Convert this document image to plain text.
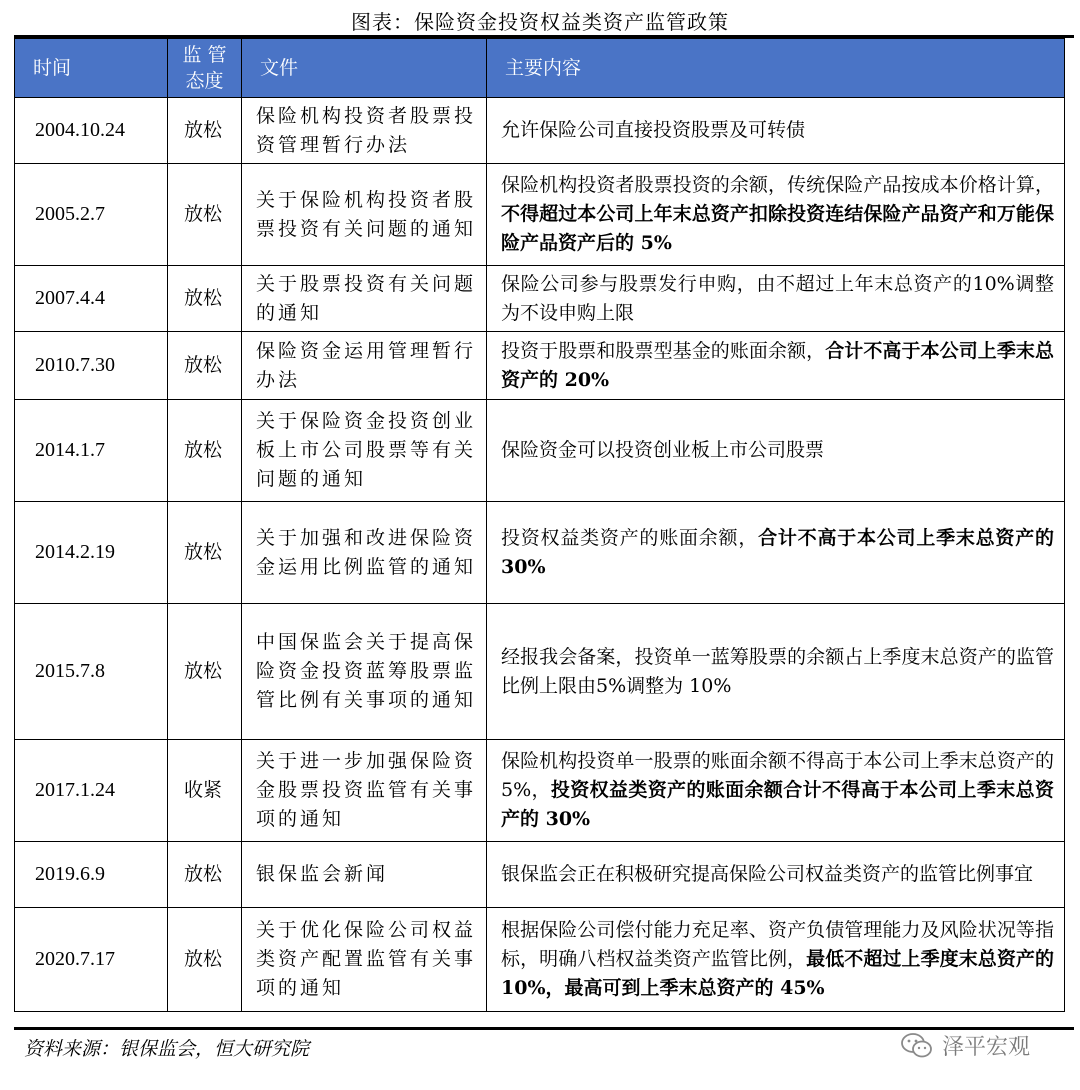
图表：保险资金投资权益类资产监管政策
时间	监 管 态度	文件	主要内容
2004.10.24	放松	保险机构投资者股票投资管理暂行办法	允许保险公司直接投资股票及可转债
2005.2.7	放松	关于保险机构投资者股票投资有关问题的通知	保险机构投资者股票投资的余额，传统保险产品按成本价格计算，不得超过本公司上年末总资产扣除投资连结保险产品资产和万能保险产品资产后的 5%
2007.4.4	放松	关于股票投资有关问题的通知	保险公司参与股票发行申购，由不超过上年末总资产的10%调整为不设申购上限
2010.7.30	放松	保险资金运用管理暂行办法	投资于股票和股票型基金的账面余额，合计不高于本公司上季末总资产的 20%
2014.1.7	放松	关于保险资金投资创业板上市公司股票等有关问题的通知	保险资金可以投资创业板上市公司股票
2014.2.19	放松	关于加强和改进保险资金运用比例监管的通知	投资权益类资产的账面余额，合计不高于本公司上季末总资产的 30%
2015.7.8	放松	中国保监会关于提高保险资金投资蓝筹股票监管比例有关事项的通知	经报我会备案，投资单一蓝筹股票的余额占上季度末总资产的监管比例上限由5%调整为 10%
2017.1.24	收紧	关于进一步加强保险资金股票投资监管有关事项的通知	保险机构投资单一股票的账面余额不得高于本公司上季末总资产的 5%，投资权益类资产的账面余额合计不得高于本公司上季末总资产的 30%
2019.6.9	放松	银保监会新闻	银保监会正在积极研究提高保险公司权益类资产的监管比例事宜
2020.7.17	放松	关于优化保险公司权益类资产配置监管有关事项的通知	根据保险公司偿付能力充足率、资产负债管理能力及风险状况等指标，明确八档权益类资产监管比例，最低不超过上季度末总资产的 10%，最高可到上季末总资产的 45%
资料来源：银保监会，恒大研究院	泽平宏观
